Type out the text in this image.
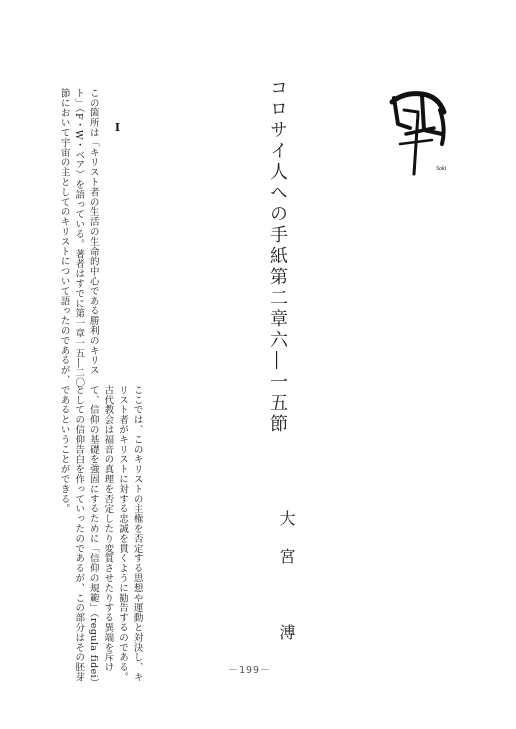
Saki
コロサイ人への手紙第二章六―一五節
大宮　溥
Ⅰ
この箇所は「キリスト者の生活の生命的中心である勝利のキリス
ト」（F・W・ベア）を語っている。著者はすでに第一章一五―二〇
節において宇宙の主としてのキリストについて語ったのであるが、
ここでは、このキリストの主権を否定する思想や運動と対決し、キ
リスト者がキリストに対する忠誠を貫くように勧告するのである。
古代教会は福音の真理を否定したり変質させたりする異端を斥け
て、信仰の基礎を強固にするために「信仰の規範」（regula fidei）
としての信仰告白を作っていったのであるが、この部分はその胚芽
であるということができる。
－199－
